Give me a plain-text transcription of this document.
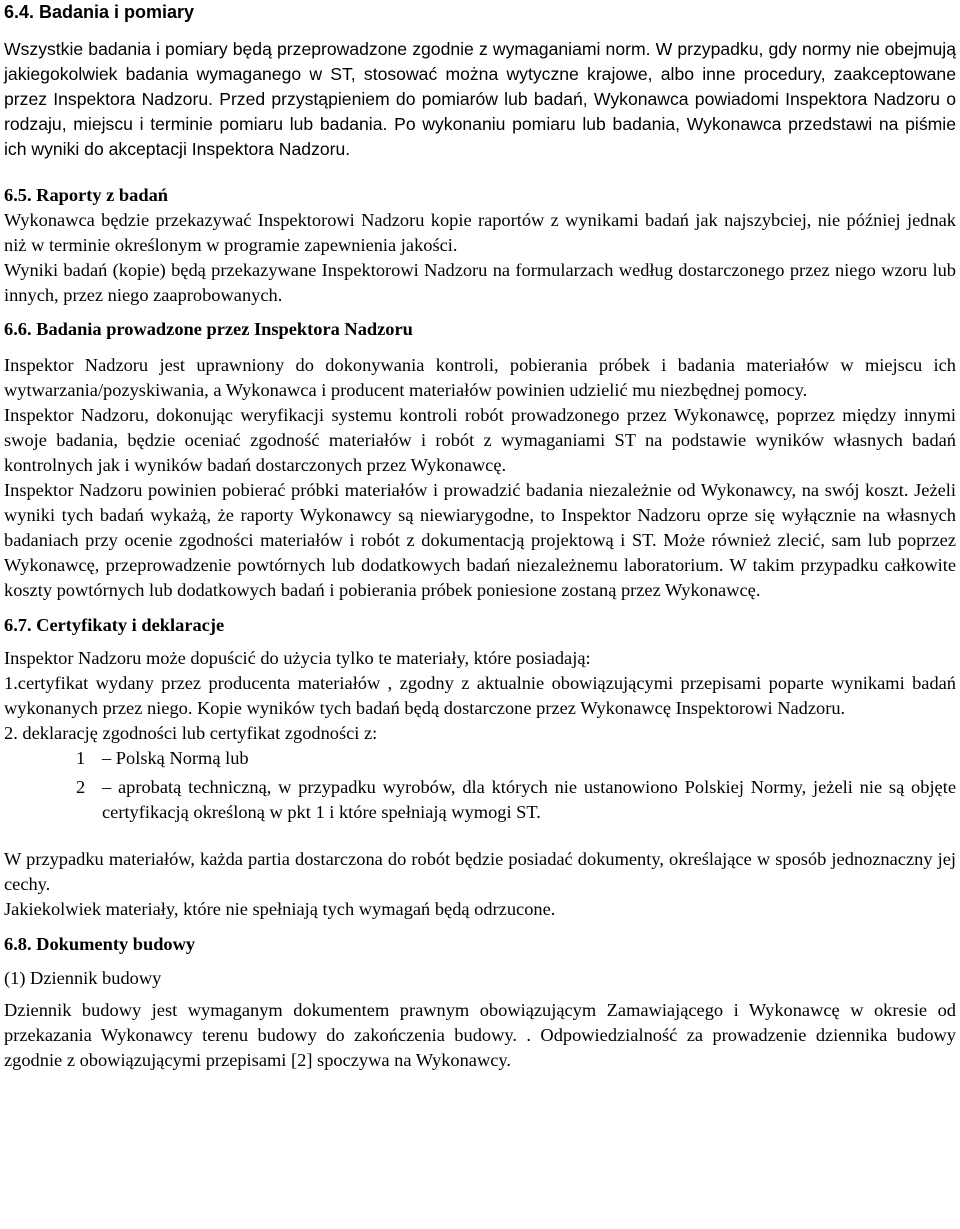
6.4. Badania i pomiary

Wszystkie badania i pomiary będą przeprowadzone zgodnie z wymaganiami norm. W przypadku, gdy normy nie obejmują jakiegokolwiek badania wymaganego w ST, stosować można wytyczne krajowe, albo inne procedury, zaakceptowane przez Inspektora Nadzoru. Przed przystąpieniem do pomiarów lub badań, Wykonawca powiadomi Inspektora Nadzoru o rodzaju, miejscu i terminie pomiaru lub badania. Po wykonaniu pomiaru lub badania, Wykonawca przedstawi na piśmie ich wyniki do akceptacji Inspektora Nadzoru.

6.5. Raporty z badań
Wykonawca będzie przekazywać Inspektorowi Nadzoru kopie raportów z wynikami badań jak najszybciej, nie później jednak niż w terminie określonym w programie zapewnienia jakości.

Wyniki badań (kopie) będą przekazywane Inspektorowi Nadzoru na formularzach według dostarczonego przez niego wzoru lub innych, przez niego zaaprobowanych.

6.6. Badania prowadzone przez Inspektora Nadzoru

Inspektor Nadzoru jest uprawniony do dokonywania kontroli, pobierania próbek i badania materiałów w miejscu ich wytwarzania/pozyskiwania, a Wykonawca i producent materiałów powinien udzielić mu niezbędnej pomocy.

Inspektor Nadzoru, dokonując weryfikacji systemu kontroli robót prowadzonego przez Wykonawcę, poprzez między innymi swoje badania, będzie oceniać zgodność materiałów i robót z wymaganiami ST na podstawie wyników własnych badań kontrolnych jak i wyników badań dostarczonych przez Wykonawcę.

Inspektor Nadzoru powinien pobierać próbki materiałów i prowadzić badania niezależnie od Wykonawcy, na swój koszt. Jeżeli wyniki tych badań wykażą, że raporty Wykonawcy są niewiarygodne, to Inspektor Nadzoru oprze się wyłącznie na własnych badaniach przy ocenie zgodności materiałów i robót z dokumentacją projektową i ST. Może również zlecić, sam lub poprzez Wykonawcę, przeprowadzenie powtórnych lub dodatkowych badań niezależnemu laboratorium. W takim przypadku całkowite koszty powtórnych lub dodatkowych badań i pobierania próbek poniesione zostaną przez Wykonawcę.

6.7. Certyfikaty i deklaracje

Inspektor Nadzoru może dopuścić do użycia tylko te materiały, które posiadają:

1.certyfikat wydany przez producenta materiałów , zgodny z aktualnie obowiązującymi przepisami poparte wynikami badań wykonanych przez niego. Kopie wyników tych badań będą dostarczone przez Wykonawcę Inspektorowi Nadzoru.

2. deklarację zgodności lub certyfikat zgodności z:

1 – Polską Normą lub
2 – aprobatą techniczną, w przypadku wyrobów, dla których nie ustanowiono Polskiej Normy, jeżeli nie są objęte certyfikacją określoną w pkt 1 i które spełniają wymogi ST.

W przypadku materiałów, każda partia dostarczona do robót będzie posiadać dokumenty, określające w sposób jednoznaczny jej cechy.

Jakiekolwiek materiały, które nie spełniają tych wymagań będą odrzucone.

6.8. Dokumenty budowy

(1) Dziennik budowy

Dziennik budowy jest wymaganym dokumentem prawnym obowiązującym Zamawiającego i Wykonawcę w okresie od przekazania Wykonawcy terenu budowy do zakończenia budowy. . Odpowiedzialność za prowadzenie dziennika budowy zgodnie z obowiązującymi przepisami [2] spoczywa na Wykonawcy.
